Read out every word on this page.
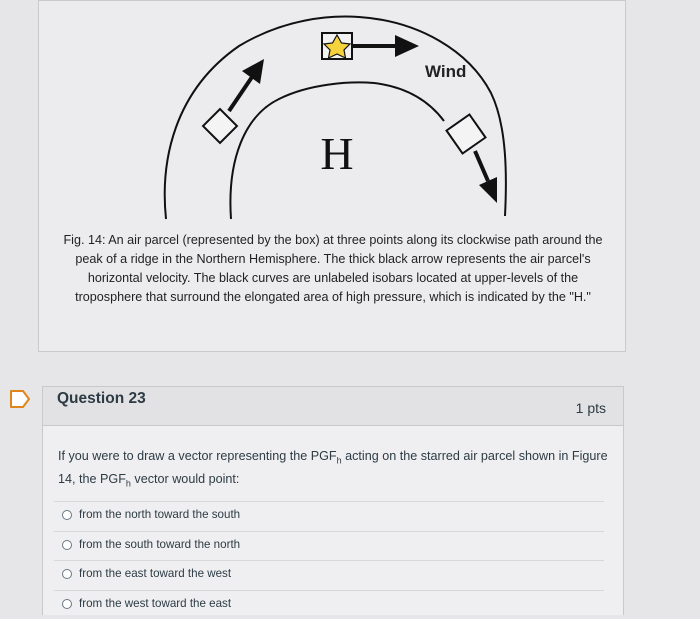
H
Wind
Fig. 14: An air parcel (represented by the box) at three points along its clockwise path around the
peak of a ridge in the Northern Hemisphere. The thick black arrow represents the air parcel's
horizontal velocity. The black curves are unlabeled isobars located at upper-levels of the
troposphere that surround the elongated area of high pressure, which is indicated by the "H."
Question 23
1 pts
If you were to draw a vector representing the $PGF_h$ acting on the starred air parcel shown in Figure
14, the $PGF_h$ vector would point:
from the north toward the south
from the south toward the north
from the east toward the west
from the west toward the east
